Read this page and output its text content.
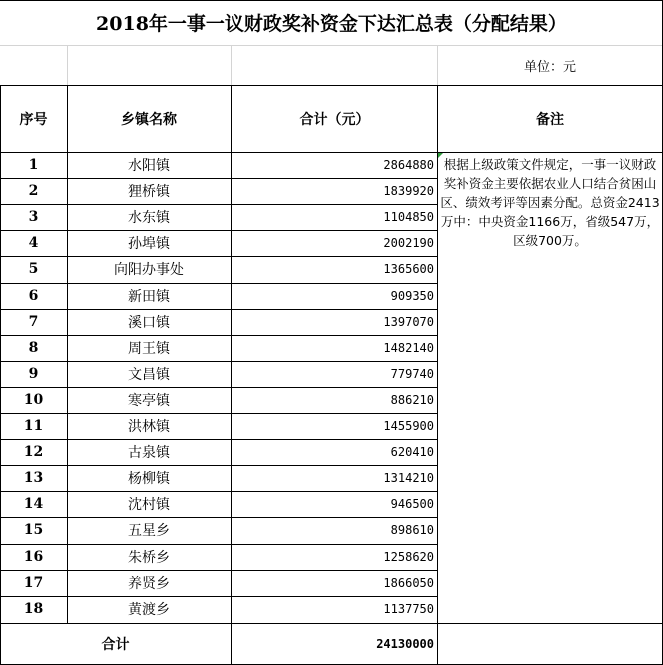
2018年一事一议财政奖补资金下达汇总表（分配结果）
单位：元
序号	乡镇名称	合计（元）	备注
1	水阳镇	2864880
2	狸桥镇	1839920
3	水东镇	1104850
4	孙埠镇	2002190
5	向阳办事处	1365600
6	新田镇	909350
7	溪口镇	1397070
8	周王镇	1482140
9	文昌镇	779740
10	寒亭镇	886210
11	洪林镇	1455900
12	古泉镇	620410
13	杨柳镇	1314210
14	沈村镇	946500
15	五星乡	898610
16	朱桥乡	1258620
17	养贤乡	1866050
18	黄渡乡	1137750
根据上级政策文件规定，一事一议财政奖补资金主要依据农业人口结合贫困山区、绩效考评等因素分配。总资金2413万中：中央资金1166万，省级547万，区级700万。
合计	24130000
